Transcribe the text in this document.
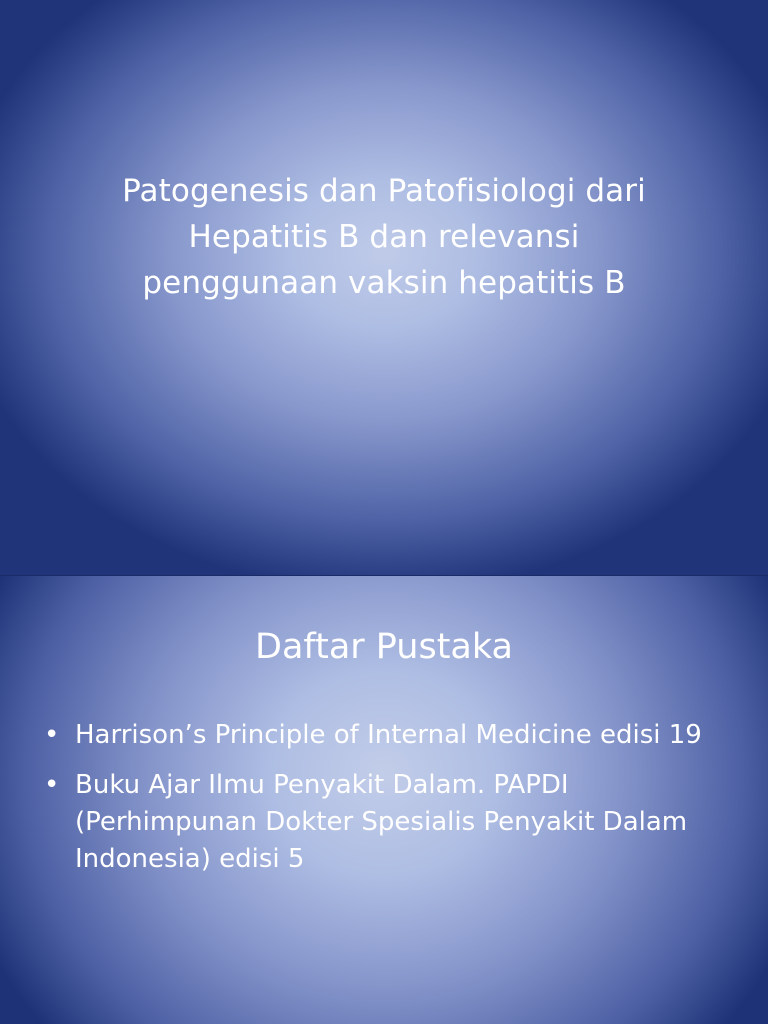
Patogenesis dan Patofisiologi dari
Hepatitis B dan relevansi
penggunaan vaksin hepatitis B
Daftar Pustaka
• Harrison’s Principle of Internal Medicine edisi 19
• Buku Ajar Ilmu Penyakit Dalam. PAPDI (Perhimpunan Dokter Spesialis Penyakit Dalam Indonesia) edisi 5
